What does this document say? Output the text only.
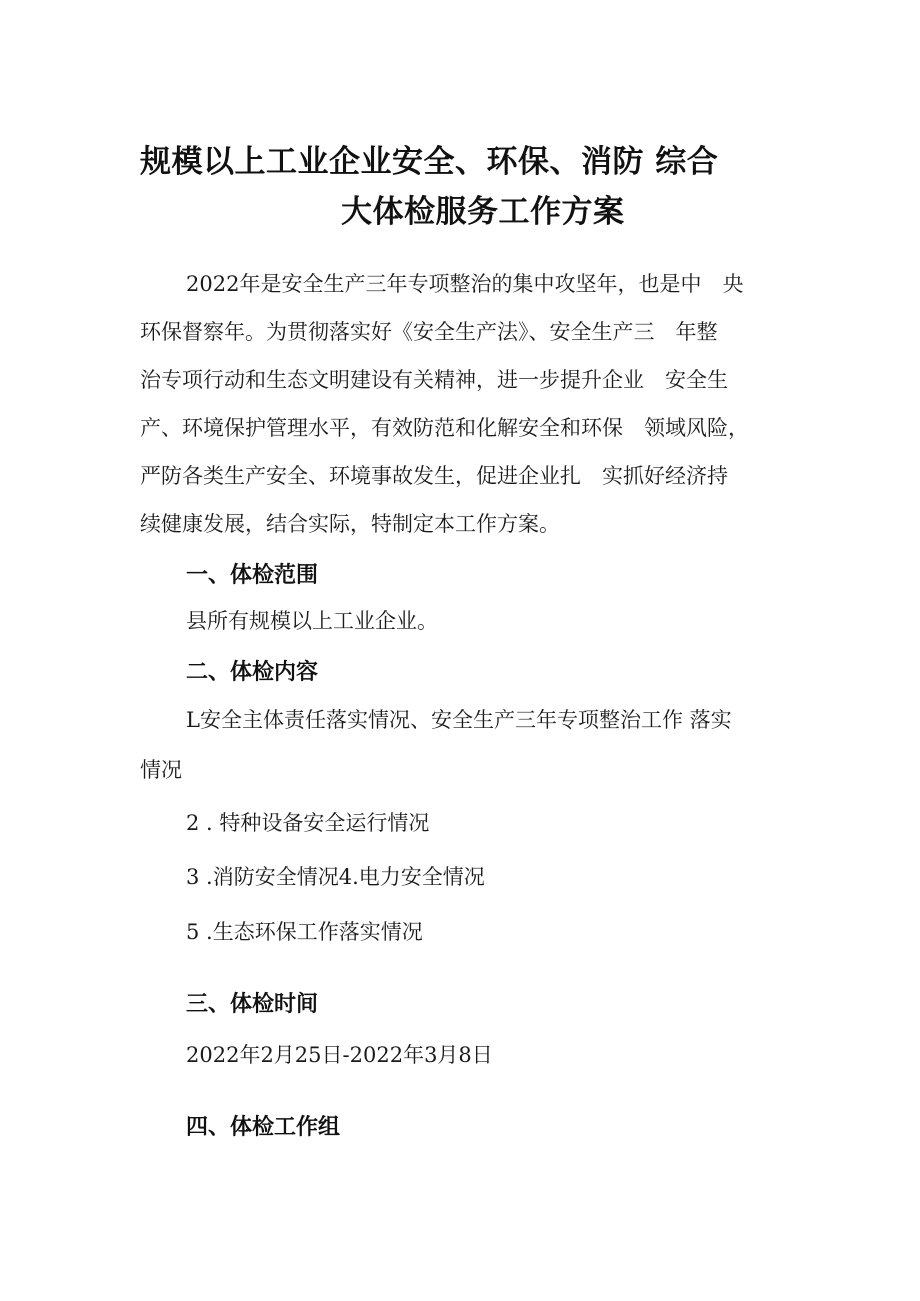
规模以上工业企业安全、环保、消防 综合
大体检服务工作方案
2022年是安全生产三年专项整治的集中攻坚年，也是中　央
环保督察年。为贯彻落实好《安全生产法》、安全生产三　年整
治专项行动和生态文明建设有关精神，进一步提升企业　安全生
产、环境保护管理水平，有效防范和化解安全和环保　领域风险，
严防各类生产安全、环境事故发生，促进企业扎　实抓好经济持
续健康发展，结合实际，特制定本工作方案。
一、体检范围
县所有规模以上工业企业。
二、体检内容
L安全主体责任落实情况、安全生产三年专项整治工作 落实
情况
2 . 特种设备安全运行情况
3 .消防安全情况4.电力安全情况
5 .生态环保工作落实情况
三、体检时间
2022年2月25日-2022年3月8日
四、体检工作组
